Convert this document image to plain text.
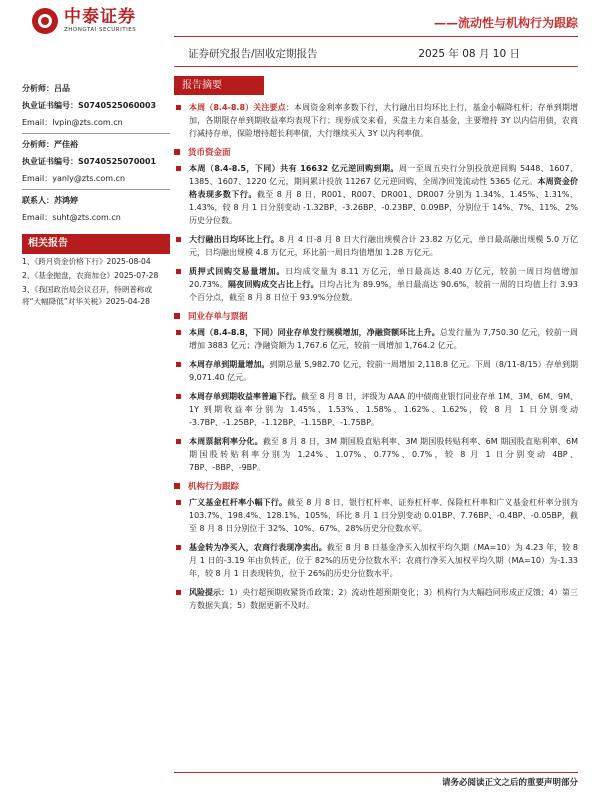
中泰证券
ZHONGTAI SECURITIES	——流动性与机构行为跟踪
证券研究报告/固收定期报告	2025 年 08 月 10 日
分析师：吕品
执业证书编号：S0740525060003
Email：lvpin@zts.com.cn
分析师：严佳裕
执业证书编号：S0740525070001
Email：yanly@zts.com.cn
联系人：苏鸿婷
Email：suht@zts.com.cn
相关报告
1、《跨月资金价格下行》2025-08-04
2、《基金抛盘，农商加仓》2025-07-28
3、《我国政治局会议召开，特朗普称或将“大幅降低”对华关税》2025-04-28
报告摘要
本周（8.4-8.8）关注要点：本周资金利率多数下行，大行融出日均环比上行，基金小幅降杠杆；存单到期增加，各期限存单到期收益率均表现下行；现券成交来看，买盘主力来自基金，主要增持 3Y 以内信用债，农商行减持存单，保险增持超长利率债，大行继续买入 3Y 以内利率债。
货币资金面
本周（8.4-8.5，下同）共有 16632 亿元逆回购到期。周一至周五央行分别投放逆回购 5448、1607、1385、1607、1220 亿元，期间累计投放 11267 亿元逆回购，全周净回笼流动性 5365 亿元。本周资金价格表现多数下行。截至 8 月 8 日，R001、R007、DR001、DR007 分别为 1.34%、1.45%、1.31%、1.43%，较 8 月 1 日分别变动 -1.32BP、-3.26BP、-0.23BP、0.09BP，分别位于 14%、7%、11%、2%历史分位数。
大行融出日均环比上行。8 月 4 日-8 月 8 日大行融出规模合计 23.82 万亿元，单日最高融出规模 5.0 万亿元，日均融出规模 4.8 万亿元，环比前一周日均值增加 1.28 万亿元。
质押式回购交易量增加。日均成交量为 8.11 万亿元，单日最高达 8.40 万亿元，较前一周日均值增加 20.73%。隔夜回购成交占比上行。日均占比为 89.9%，单日最高达 90.6%，较前一周的日均值上行 3.93 个百分点，截至 8 月 8 日位于 93.9%分位数。
同业存单与票据
本周（8.4-8.8，下同）同业存单发行规模增加，净融资额环比上升。总发行量为 7,750.30 亿元，较前一周增加 3883 亿元；净融资额为 1,767.6 亿元，较前一周增加 1,764.2 亿元。
本周存单到期量增加。到期总量 5,982.70 亿元，较前一周增加 2,118.8 亿元。下周（8/11-8/15）存单到期 9,071.40 亿元。
本周存单到期收益率普遍下行。截至 8 月 8 日，评级为 AAA 的中债商业银行同业存单 1M、3M、6M、9M、1Y 到期收益率分别为 1.45%、1.53%、1.58%、1.62%、1.62%，较 8 月 1 日分别变动 -3.7BP、-1.25BP、-1.12BP、-1.15BP、-1.75BP。
本周票据利率分化。截至 8 月 8 日，3M 期国股直贴利率、3M 期国股转贴利率、6M 期国股直贴利率、6M 期国股转贴利率分别为 1.24%、1.07%、0.77%、0.7%，较 8 月 1 日分别变动 4BP、7BP、-8BP、-9BP。
机构行为跟踪
广义基金杠杆率小幅下行。截至 8 月 8 日，银行杠杆率、证券杠杆率、保险杠杆率和广义基金杠杆率分别为 103.7%、198.4%、128.1%、105%，环比 8 月 1 日分别变动 0.01BP、7.76BP、-0.4BP、-0.05BP，截至 8 月 8 日分别位于 32%、10%、67%、28%历史分位数水平。
基金转为净买入，农商行表现净卖出。截至 8 月 8 日基金净买入加权平均久期（MA=10）为 4.23 年，较 8 月 1 日的-3.19 年由负转正，位于 82%的历史分位数水平；农商行净买入加权平均久期（MA=10）为-1.33 年，较 8 月 1 日表现转负，位于 26%的历史分位数水平。
风险提示：1）央行超预期收紧货币政策；2）流动性超预期变化；3）机构行为大幅趋同形成正反馈；4）第三方数据失真；5）数据更新不及时。
请务必阅读正文之后的重要声明部分
